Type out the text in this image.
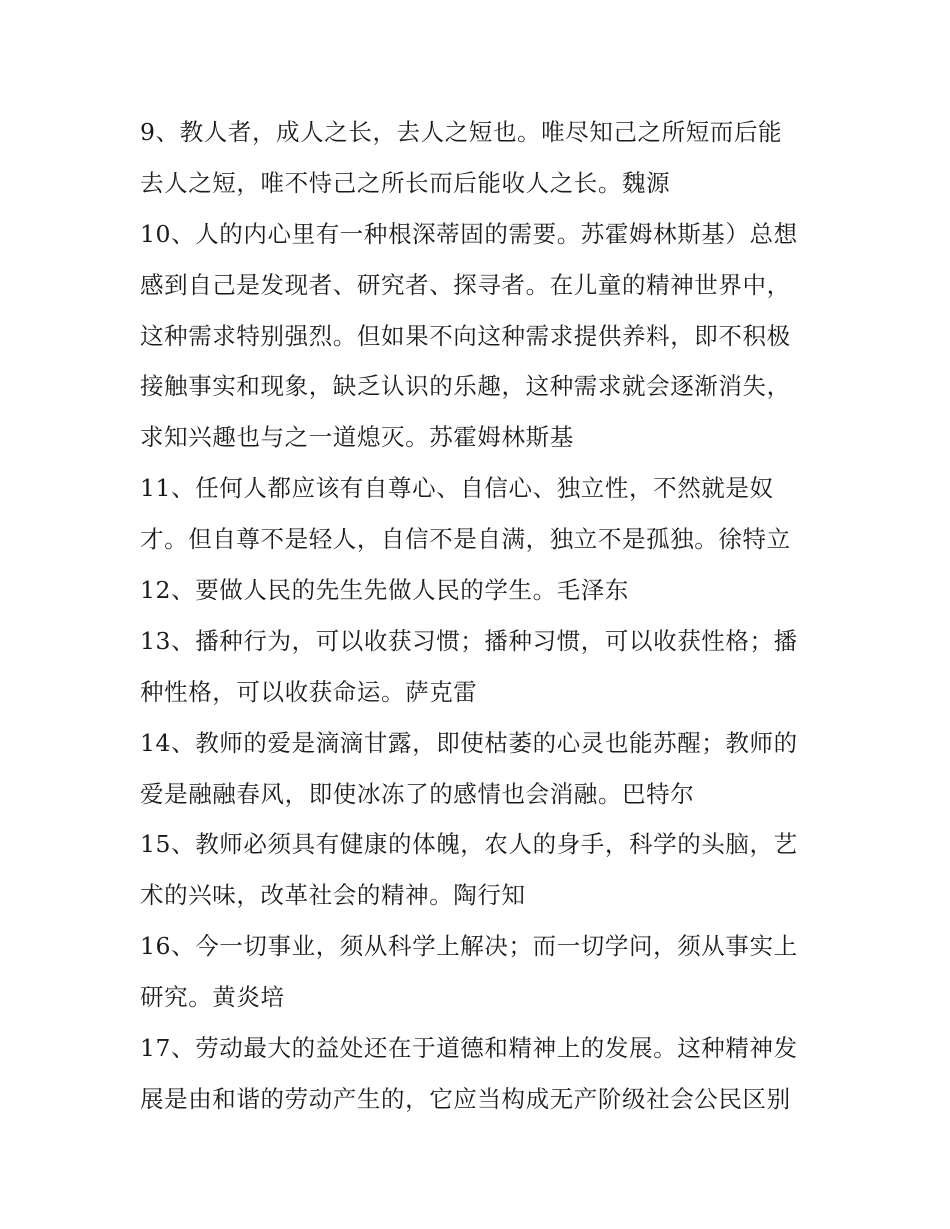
9、教人者，成人之长，去人之短也。唯尽知己之所短而后能
去人之短，唯不恃己之所长而后能收人之长。魏源
10、人的内心里有一种根深蒂固的需要。苏霍姆林斯基）总想
感到自己是发现者、研究者、探寻者。在儿童的精神世界中，
这种需求特别强烈。但如果不向这种需求提供养料，即不积极
接触事实和现象，缺乏认识的乐趣，这种需求就会逐渐消失，
求知兴趣也与之一道熄灭。苏霍姆林斯基
11、任何人都应该有自尊心、自信心、独立性，不然就是奴
才。但自尊不是轻人，自信不是自满，独立不是孤独。徐特立
12、要做人民的先生先做人民的学生。毛泽东
13、播种行为，可以收获习惯；播种习惯，可以收获性格；播
种性格，可以收获命运。萨克雷
14、教师的爱是滴滴甘露，即使枯萎的心灵也能苏醒；教师的
爱是融融春风，即使冰冻了的感情也会消融。巴特尔
15、教师必须具有健康的体魄，农人的身手，科学的头脑，艺
术的兴味，改革社会的精神。陶行知
16、今一切事业，须从科学上解决；而一切学问，须从事实上
研究。黄炎培
17、劳动最大的益处还在于道德和精神上的发展。这种精神发
展是由和谐的劳动产生的，它应当构成无产阶级社会公民区别
